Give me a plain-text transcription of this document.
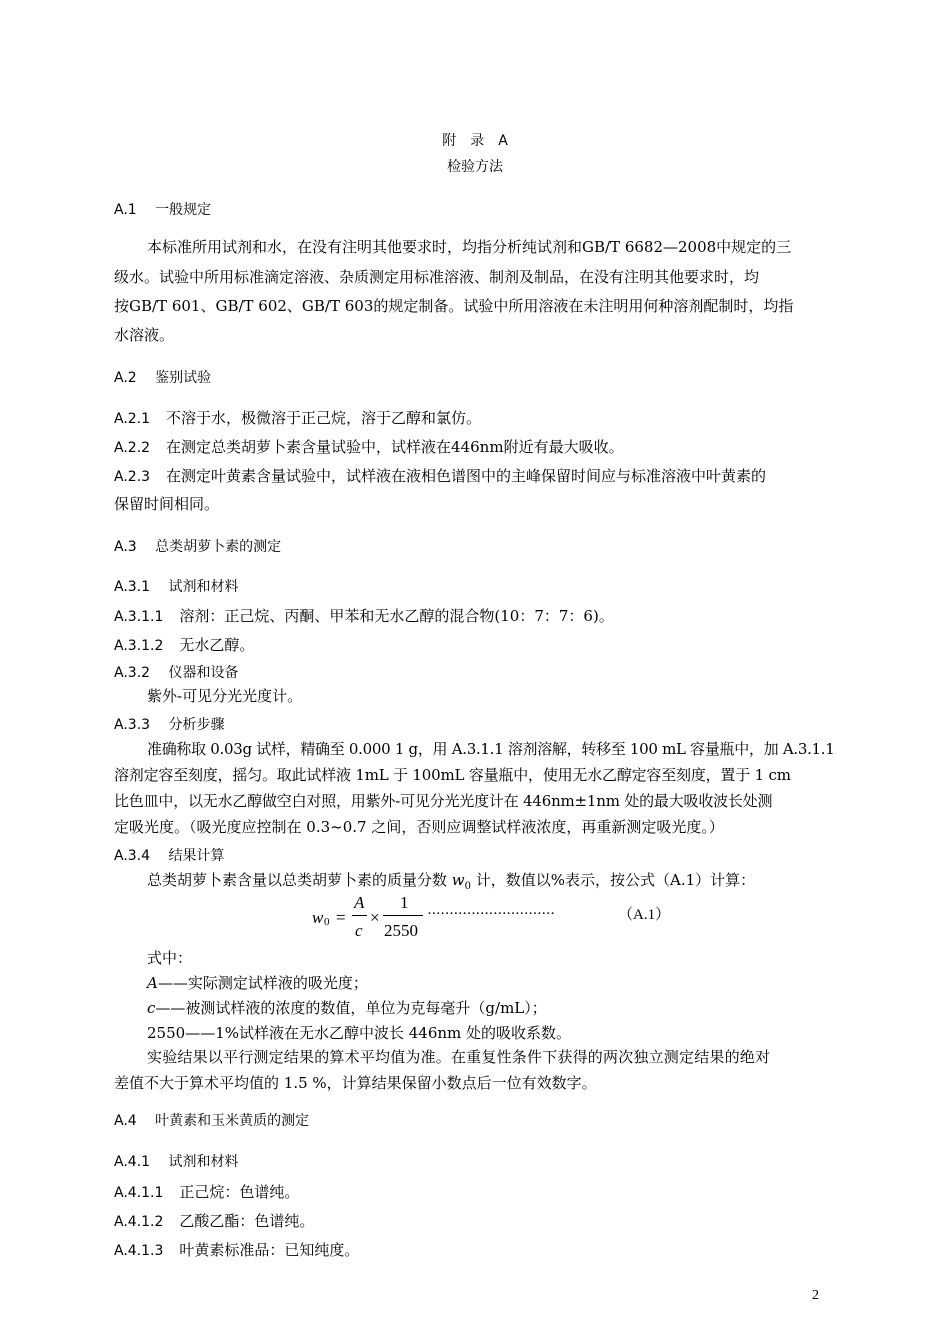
附　录　A
检验方法
A.1　 一般规定
本标准所用试剂和水，在没有注明其他要求时，均指分析纯试剂和GB/T 6682—2008中规定的三
级水。试验中所用标准滴定溶液、杂质测定用标准溶液、制剂及制品，在没有注明其他要求时，均
按GB/T 601、GB/T 602、GB/T 603的规定制备。试验中所用溶液在未注明用何种溶剂配制时，均指
水溶液。
A.2　 鉴别试验
A.2.1 不溶于水，极微溶于正己烷，溶于乙醇和氯仿。
A.2.2 在测定总类胡萝卜素含量试验中，试样液在446nm附近有最大吸收。
A.2.3 在测定叶黄素含量试验中，试样液在液相色谱图中的主峰保留时间应与标准溶液中叶黄素的
保留时间相同。
A.3　 总类胡萝卜素的测定
A.3.1　 试剂和材料
A.3.1.1 溶剂：正己烷、丙酮、甲苯和无水乙醇的混合物(10：7：7：6)。
A.3.1.2 无水乙醇。
A.3.2　 仪器和设备
紫外-可见分光光度计。
A.3.3　 分析步骤
准确称取 0.03g 试样，精确至 0.000 1 g，用 A.3.1.1 溶剂溶解，转移至 100 mL 容量瓶中，加 A.3.1.1
溶剂定容至刻度，摇匀。取此试样液 1mL 于 100mL 容量瓶中，使用无水乙醇定容至刻度，置于 1 cm
比色皿中，以无水乙醇做空白对照，用紫外-可见分光光度计在 446nm±1nm 处的最大吸收波长处测
定吸光度。（吸光度应控制在 0.3~0.7 之间，否则应调整试样液浓度，再重新测定吸光度。）
A.3.4　 结果计算
总类胡萝卜素含量以总类胡萝卜素的质量分数 $w_0$ 计，数值以%表示，按公式（A.1）计算：
w 0 =
A
c
×
1
2550
·····························	（A.1）
式中：
A——实际测定试样液的吸光度；
c——被测试样液的浓度的数值，单位为克每毫升（g/mL）；
2550——1%试样液在无水乙醇中波长 446nm 处的吸收系数。
实验结果以平行测定结果的算术平均值为准。在重复性条件下获得的两次独立测定结果的绝对
差值不大于算术平均值的 1.5 %，计算结果保留小数点后一位有效数字。
A.4　 叶黄素和玉米黄质的测定
A.4.1　 试剂和材料
A.4.1.1 正己烷：色谱纯。
A.4.1.2 乙酸乙酯：色谱纯。
A.4.1.3 叶黄素标准品：已知纯度。
2
